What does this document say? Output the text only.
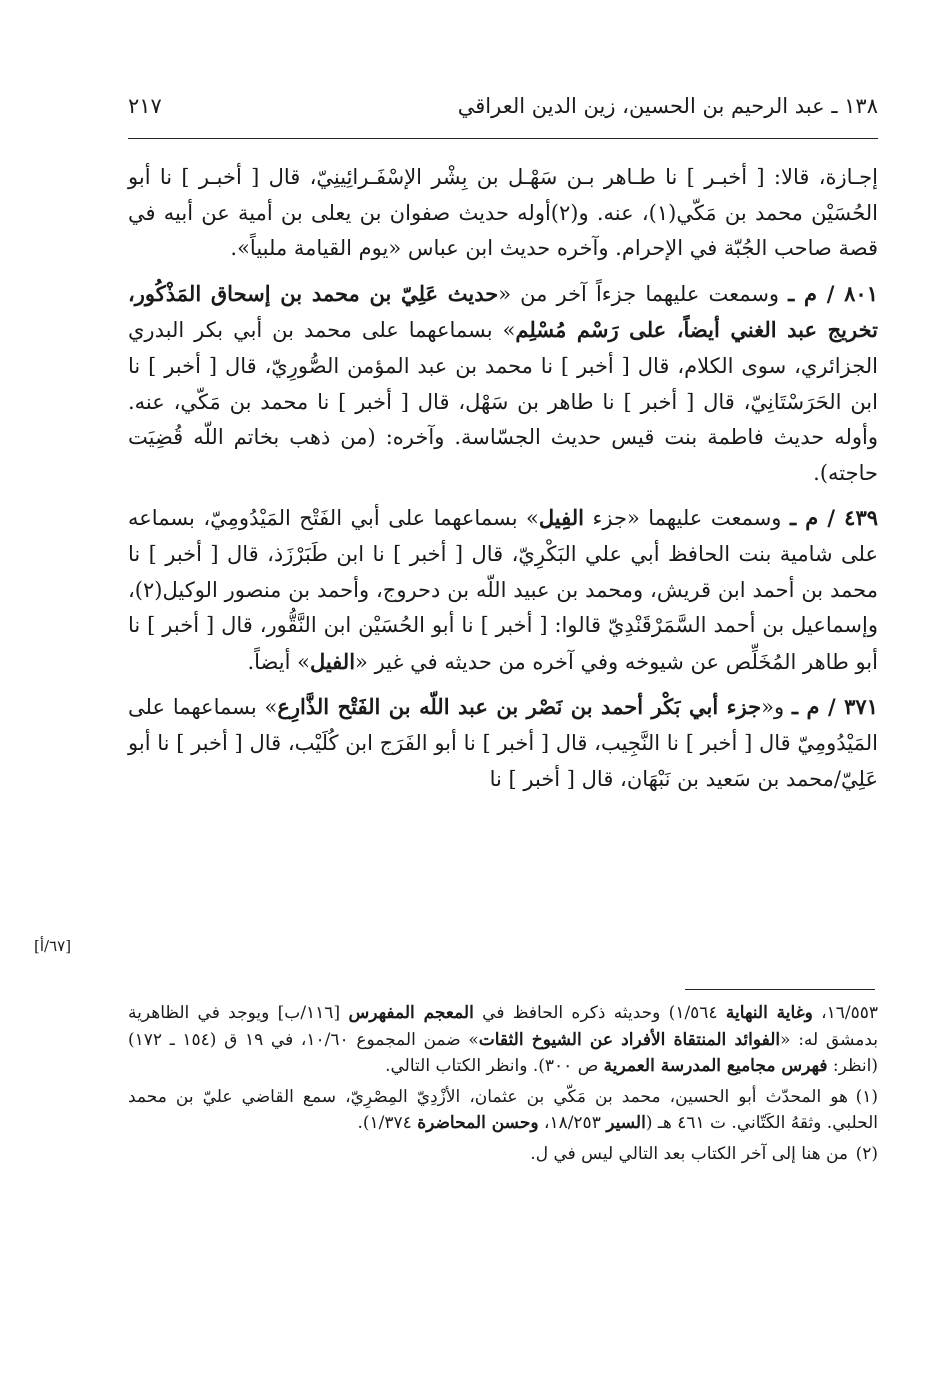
١٣٨ ـ عبد الرحيم بن الحسين، زين الدين العراقي
٢١٧

إجـازة، قالا: [ أخبـر ] نا طـاهر بـن سَهْـل بن بِشْر الإسْفَـرائِينِيّ، قال [ أخبـر ] نا أبو الحُسَيْن محمد بن مَكّي(١)، عنه. و(٢)أوله حديث صفوان بن يعلى بن أمية عن أبيه في قصة صاحب الجُبّة في الإحرام. وآخره حديث ابن عباس «يوم القيامة ملبياً».

٨٠١ / م ـ وسمعت عليهما جزءاً آخر من «حديث عَلِيّ بن محمد بن إسحاق المَذْكُور، تخريج عبد الغني أيضاً، على رَسْم مُسْلِم» بسماعهما على محمد بن أبي بكر البدري الجزائري، سوى الكلام، قال [ أخبر ] نا محمد بن عبد المؤمن الصُّورِيّ، قال [ أخبر ] نا ابن الحَرَسْتَانِيّ، قال [ أخبر ] نا طاهر بن سَهْل، قال [ أخبر ] نا محمد بن مَكّي، عنه. وأوله حديث فاطمة بنت قيس حديث الجسّاسة. وآخره: (من ذهب بخاتم اللّه قُضِيَت حاجته).

٤٣٩ / م ـ وسمعت عليهما «جزء الفِيل» بسماعهما على أبي الفَتْح المَيْدُومِيّ، بسماعه على شامية بنت الحافظ أبي علي البَكْرِيّ، قال [ أخبر ] نا ابن طَبَرْزَذ، قال [ أخبر ] نا محمد بن أحمد ابن قريش، ومحمد بن عبيد اللّه بن دحروج، وأحمد بن منصور الوكيل(٢)، وإسماعيل بن أحمد السَّمَرْقَنْدِيّ قالوا: [ أخبر ] نا أبو الحُسَيْن ابن النَّقُّور، قال [ أخبر ] نا أبو طاهر المُخَلِّص عن شيوخه وفي آخره من حديثه في غير «الفيل» أيضاً.

٣٧١ / م ـ و«جزء أبي بَكْر أحمد بن نَصْر بن عبد اللّه بن الفَتْح الذَّارِع» بسماعهما على المَيْدُومِيّ قال [ أخبر ] نا النَّجِيب، قال [ أخبر ] نا أبو الفَرَج ابن كُلَيْب، قال [ أخبر ] نا أبو عَلِيّ/محمد بن سَعيد بن نَبْهَان، قال [ أخبر ] نا

[٦٧/أ]

١٦/٥٥٣، وغاية النهاية ١/٥٦٤) وحديثه ذكره الحافظ في المعجم المفهرس [١١٦/ب] ويوجد في الظاهرية بدمشق له: «الفوائد المنتقاة الأفراد عن الشيوخ الثقات» ضمن المجموع ١٠/٦٠، في ١٩ ق (١٥٤ ـ ١٧٢) (انظر: فهرس مجاميع المدرسة العمرية ص ٣٠٠). وانظر الكتاب التالي.

(١)هو المحدّث أبو الحسين، محمد بن مَكّي بن عثمان، الأزْدِيّ المِصْرِيّ، سمع القاضي عليّ بن محمد الحلبي. وثقهُ الكَتّاني. ت ٤٦١ هـ (السير ١٨/٢٥٣، وحسن المحاضرة ١/٣٧٤).

(٢)من هنا إلى آخر الكتاب بعد التالي ليس في ل.
